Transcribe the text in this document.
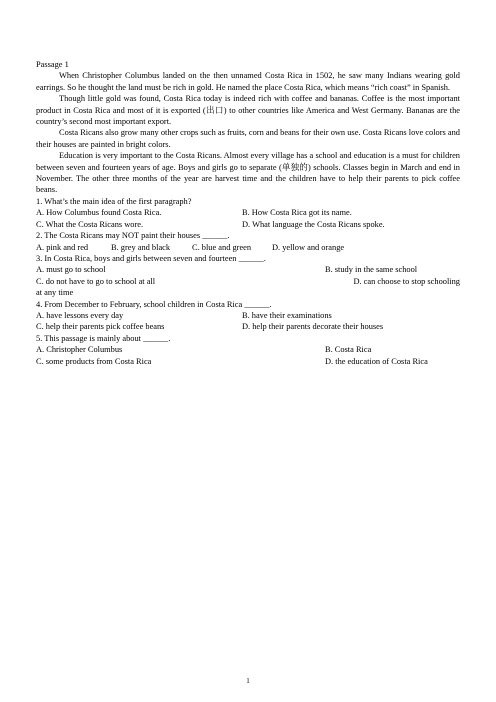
Passage 1

When Christopher Columbus landed on the then unnamed Costa Rica in 1502, he saw many Indians wearing gold earrings. So he thought the land must be rich in gold. He named the place Costa Rica, which means “rich coast” in Spanish.

Though little gold was found, Costa Rica today is indeed rich with coffee and bananas. Coffee is the most important product in Costa Rica and most of it is exported (出口) to other countries like America and West Germany. Bananas are the country’s second most important export.

Costa Ricans also grow many other crops such as fruits, corn and beans for their own use. Costa Ricans love colors and their houses are painted in bright colors.

Education is very important to the Costa Ricans. Almost every village has a school and education is a must for children between seven and fourteen years of age. Boys and girls go to separate (单独的) schools. Classes begin in March and end in November. The other three months of the year are harvest time and the children have to help their parents to pick coffee beans.

1. What’s the main idea of the first paragraph?

A. How Columbus found Costa Rica.	B. How Costa Rica got its name.
C. What the Costa Ricans wore.	D. What language the Costa Ricans spoke.

2. The Costa Ricans may NOT paint their houses ______.

A. pink and red	B. grey and black	C. blue and green	D. yellow and orange

3. In Costa Rica, boys and girls between seven and fourteen ______.

A. must go to school	B. study in the same school
C. do not have to go to school at all	D. can choose to stop schooling

at any time

4. From December to February, school children in Costa Rica ______.

A. have lessons every day	B. have their examinations
C. help their parents pick coffee beans	D. help their parents decorate their houses

5. This passage is mainly about ______.

A. Christopher Columbus	B. Costa Rica
C. some products from Costa Rica	D. the education of Costa Rica
1
